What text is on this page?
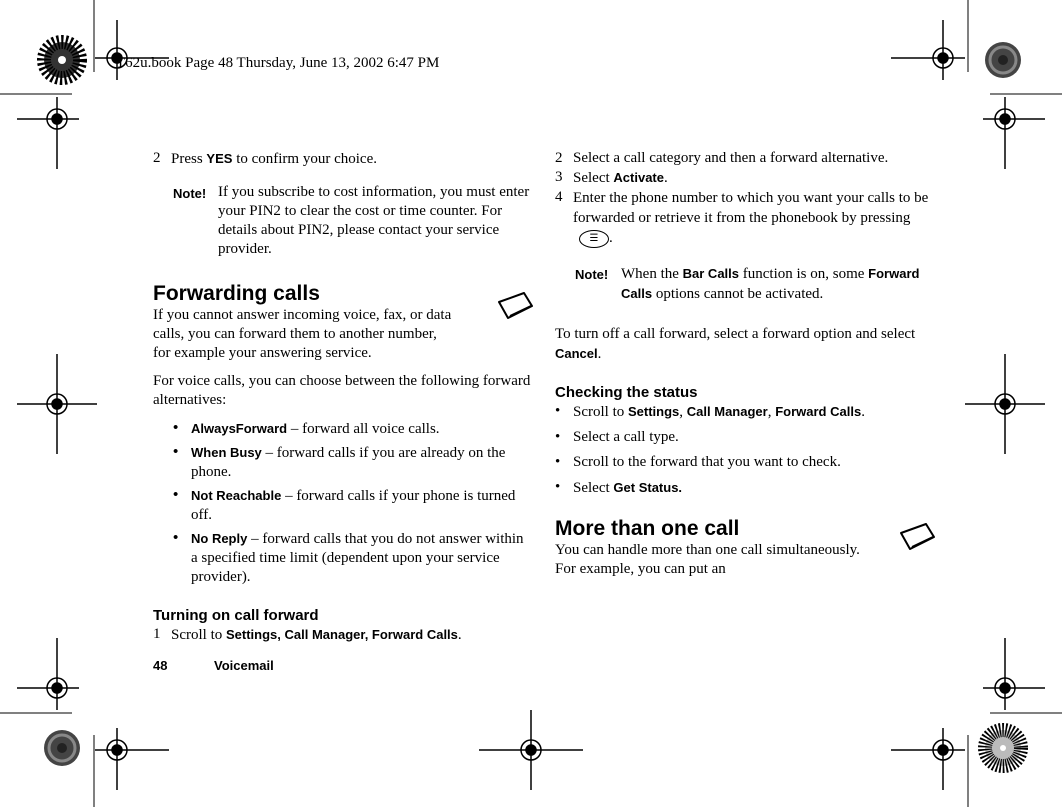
T62u.book Page 48 Thursday, June 13, 2002 6:47 PM
2 Press YES to confirm your choice.
Note! If you subscribe to cost information, you must enter your PIN2 to clear the cost or time counter. For details about PIN2, please contact your service provider.
Forwarding calls
If you cannot answer incoming voice, fax, or data calls, you can forward them to another number, for example your answering service.
For voice calls, you can choose between the following forward alternatives:
• AlwaysForward – forward all voice calls.
• When Busy – forward calls if you are already on the phone.
• Not Reachable – forward calls if your phone is turned off.
• No Reply – forward calls that you do not answer within a specified time limit (dependent upon your service provider).
Turning on call forward
1 Scroll to Settings, Call Manager, Forward Calls.
2 Select a call category and then a forward alternative.
3 Select Activate.
4 Enter the phone number to which you want your calls to be forwarded or retrieve it from the phonebook by pressing☰ .
Note! When the Bar Calls function is on, some Forward Calls options cannot be activated.
To turn off a call forward, select a forward option and select Cancel.
Checking the status
• Scroll to Settings, Call Manager, Forward Calls.
• Select a call type.
• Scroll to the forward that you want to check.
• Select Get Status.
More than one call
You can handle more than one call simultaneously. For example, you can put an
48	Voicemail
